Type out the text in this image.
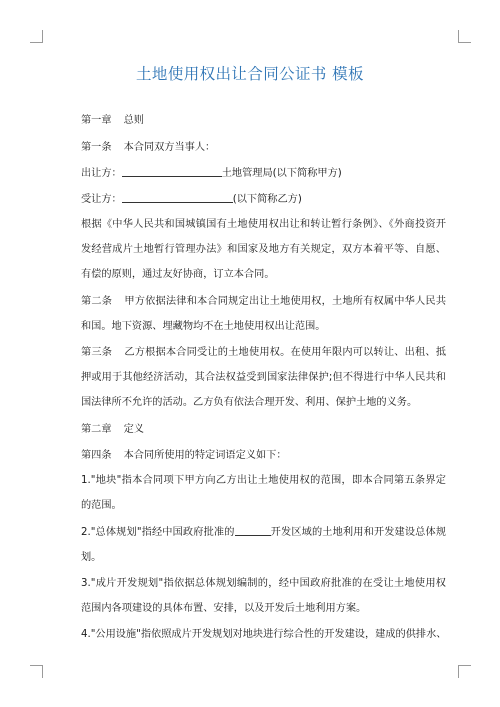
土地使用权出让合同公证书 模板
第一章 总则
第一条 本合同双方当事人：
出让方：	土地管理局(以下简称甲方)
受让方：	(以下简称乙方)
根据《中华人民共和国城镇国有土地使用权出让和转让暂行条例》、《外商投资开发经营成片土地暂行管理办法》和国家及地方有关规定，双方本着平等、自愿、有偿的原则，通过友好协商，订立本合同。
第二条 甲方依据法律和本合同规定出让土地使用权，土地所有权属中华人民共和国。地下资源、埋藏物均不在土地使用权出让范围。
第三条 乙方根据本合同受让的土地使用权。在使用年限内可以转让、出租、抵押或用于其他经济活动，其合法权益受到国家法律保护;但不得进行中华人民共和国法律所不允许的活动。乙方负有依法合理开发、利用、保护土地的义务。
第二章 定义
第四条 本合同所使用的特定词语定义如下：
1."地块"指本合同项下甲方向乙方出让土地使用权的范围，即本合同第五条界定的范围。
2."总体规划"指经中国政府批准的	开发区域的土地利用和开发建设总体规划。
3."成片开发规划"指依据总体规划编制的，经中国政府批准的在受让土地使用权范围内各项建设的具体布置、安排，以及开发后土地利用方案。
4."公用设施"指依照成片开发规划对地块进行综合性的开发建设，建成的供排水、
